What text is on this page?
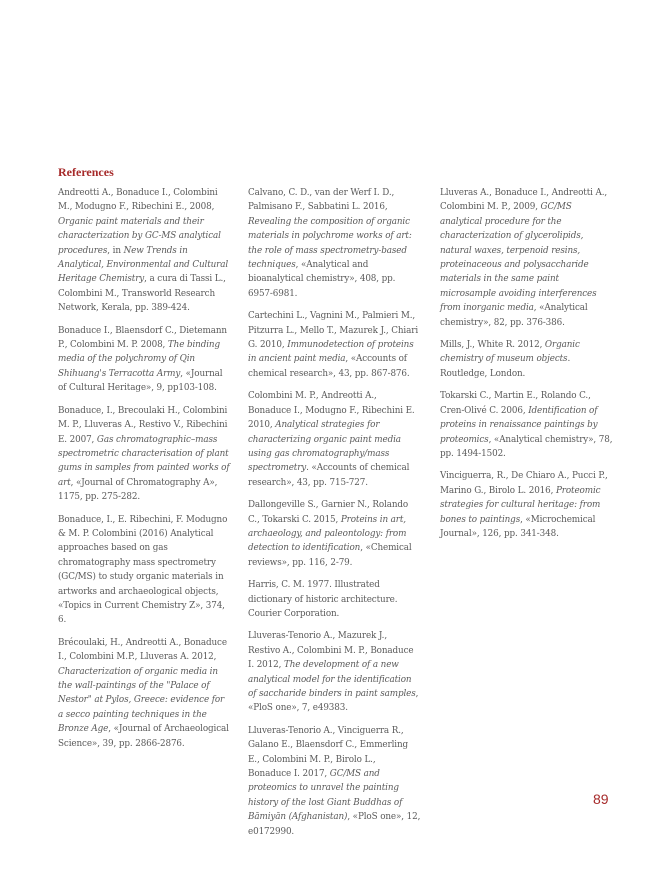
References

Andreotti A., Bonaduce I., Colombini M., Modugno F., Ribechini E., 2008, Organic paint materials and their characterization by GC-MS analytical procedures, in New Trends in Analytical, Environmental and Cultural Heritage Chemistry, a cura di Tassi L., Colombini M., Transworld Research Network, Kerala, pp. 389-424.

Bonaduce I., Blaensdorf C., Dietemann P., Colombini M. P. 2008, The binding media of the polychromy of Qin Shihuang's Terracotta Army, «Journal of Cultural Heritage», 9, pp103-108.

Bonaduce, I., Brecoulaki H., Colombini M. P., Lluveras A., Restivo V., Ribechini E. 2007, Gas chromatographic–mass spectrometric characterisation of plant gums in samples from painted works of art, «Journal of Chromatography A», 1175, pp. 275-282.

Bonaduce, I., E. Ribechini, F. Modugno & M. P. Colombini (2016) Analytical approaches based on gas chromatography mass spectrometry (GC/MS) to study organic materials in artworks and archaeological objects, «Topics in Current Chemistry Z», 374, 6.

Brécoulaki, H., Andreotti A., Bonaduce I., Colombini M.P., Lluveras A. 2012, Characterization of organic media in the wall-paintings of the "Palace of Nestor" at Pylos, Greece: evidence for a secco painting techniques in the Bronze Age, «Journal of Archaeological Science», 39, pp. 2866-2876.

Calvano, C. D., van der Werf I. D., Palmisano F., Sabbatini L. 2016, Revealing the composition of organic materials in polychrome works of art: the role of mass spectrometry-based techniques, «Analytical and bioanalytical chemistry», 408, pp. 6957-6981.

Cartechini L., Vagnini M., Palmieri M., Pitzurra L., Mello T., Mazurek J., Chiari G. 2010, Immunodetection of proteins in ancient paint media, «Accounts of chemical research», 43, pp. 867-876.

Colombini M. P., Andreotti A., Bonaduce I., Modugno F., Ribechini E. 2010, Analytical strategies for characterizing organic paint media using gas chromatography/mass spectrometry. «Accounts of chemical research», 43, pp. 715-727.

Dallongeville S., Garnier N., Rolando C., Tokarski C. 2015, Proteins in art, archaeology, and paleontology: from detection to identification, «Chemical reviews», pp. 116, 2-79.

Harris, C. M. 1977. Illustrated dictionary of historic architecture. Courier Corporation.

Lluveras-Tenorio A., Mazurek J., Restivo A., Colombini M. P., Bonaduce I. 2012, The development of a new analytical model for the identification of saccharide binders in paint samples, «PloS one», 7, e49383.

Lluveras-Tenorio A., Vinciguerra R., Galano E., Blaensdorf C., Emmerling E., Colombini M. P., Birolo L., Bonaduce I. 2017, GC/MS and proteomics to unravel the painting history of the lost Giant Buddhas of Bāmiyān (Afghanistan), «PloS one», 12, e0172990.

Lluveras A., Bonaduce I., Andreotti A., Colombini M. P., 2009, GC/MS analytical procedure for the characterization of glycerolipids, natural waxes, terpenoid resins, proteinaceous and polysaccharide materials in the same paint microsample avoiding interferences from inorganic media, «Analytical chemistry», 82, pp. 376-386.

Mills, J., White R. 2012, Organic chemistry of museum objects. Routledge, London.

Tokarski C., Martin E., Rolando C., Cren-Olivé C. 2006, Identification of proteins in renaissance paintings by proteomics, «Analytical chemistry», 78, pp. 1494-1502.

Vinciguerra, R., De Chiaro A., Pucci P., Marino G., Birolo L. 2016, Proteomic strategies for cultural heritage: from bones to paintings, «Microchemical Journal», 126, pp. 341-348.

89
